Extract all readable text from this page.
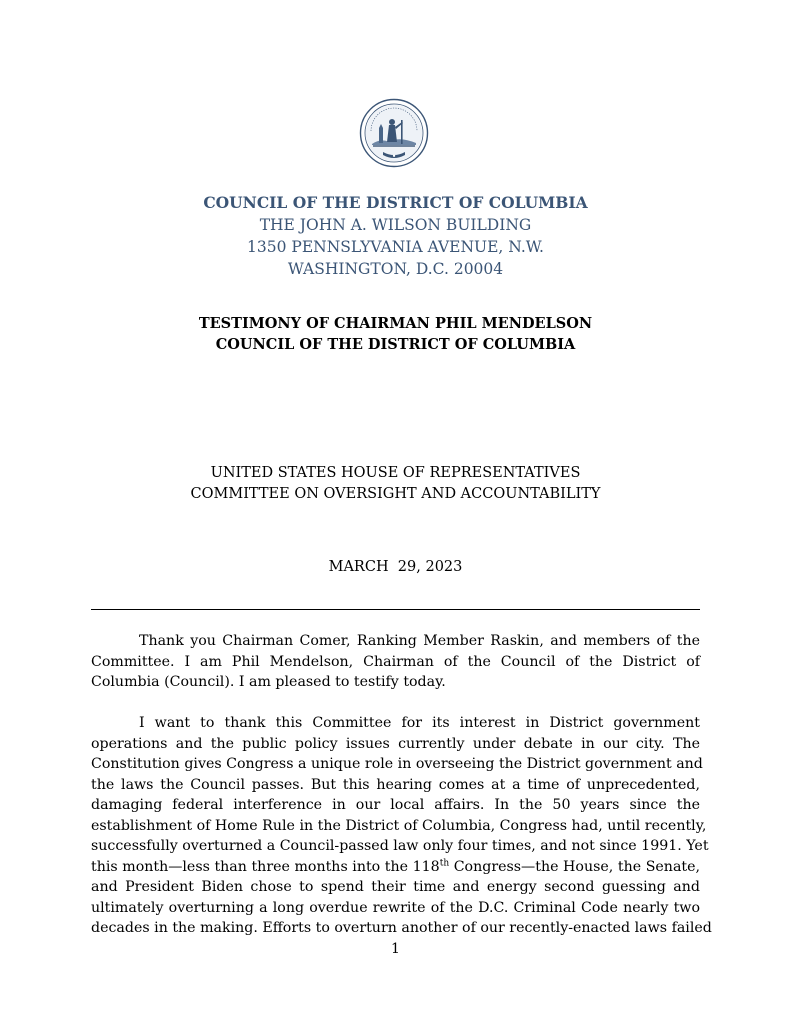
●
COUNCIL OF THE DISTRICT OF COLUMBIA
THE JOHN A. WILSON BUILDING
1350 PENNSLYVANIA AVENUE, N.W.
WASHINGTON, D.C. 20004
TESTIMONY OF CHAIRMAN PHIL MENDELSON
COUNCIL OF THE DISTRICT OF COLUMBIA
UNITED STATES HOUSE OF REPRESENTATIVES
COMMITTEE ON OVERSIGHT AND ACCOUNTABILITY
MARCH  29, 2023
Thank you Chairman Comer, Ranking Member Raskin, and members of the
Committee. I am Phil Mendelson, Chairman of the Council of the District of
Columbia (Council). I am pleased to testify today.
I want to thank this Committee for its interest in District government
operations and the public policy issues currently under debate in our city. The
Constitution gives Congress a unique role in overseeing the District government and
the laws the Council passes. But this hearing comes at a time of unprecedented,
damaging federal interference in our local affairs. In the 50 years since the
establishment of Home Rule in the District of Columbia, Congress had, until recently,
successfully overturned a Council-passed law only four times, and not since 1991. Yet
this month—less than three months into the 118th Congress—the House, the Senate,
and President Biden chose to spend their time and energy second guessing and
ultimately overturning a long overdue rewrite of the D.C. Criminal Code nearly two
decades in the making. Efforts to overturn another of our recently-enacted laws failed
1
